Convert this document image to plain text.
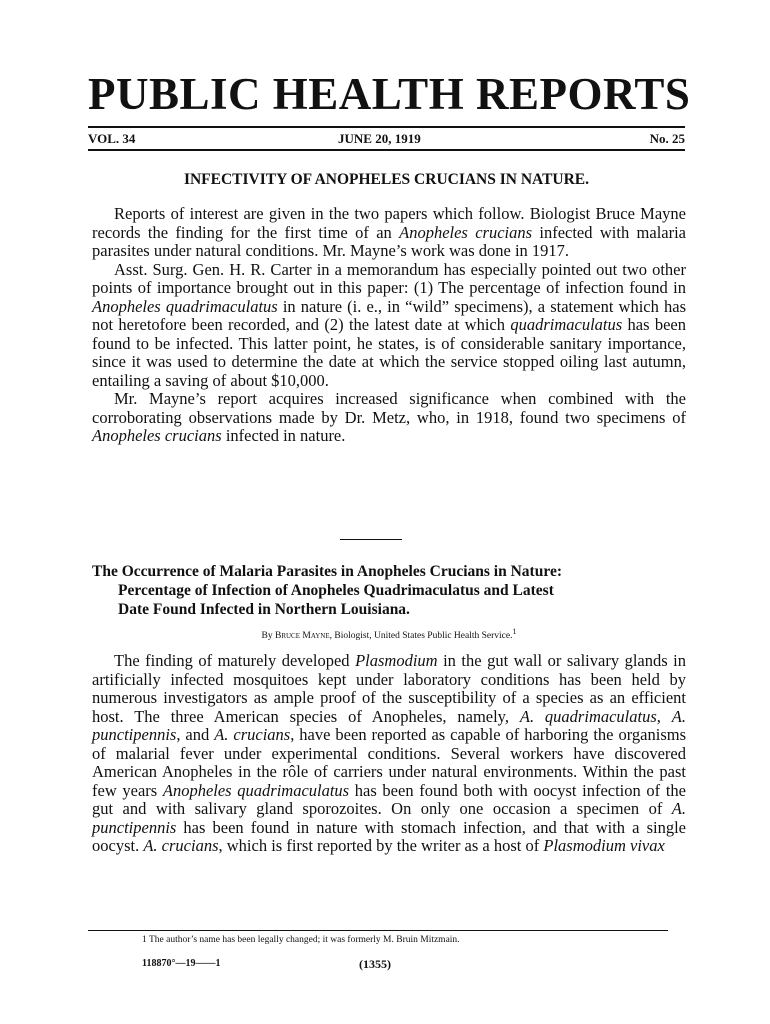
PUBLIC HEALTH REPORTS
VOL. 34	JUNE 20, 1919	No. 25
INFECTIVITY OF ANOPHELES CRUCIANS IN NATURE.

Reports of interest are given in the two papers which follow. Biologist Bruce Mayne records the finding for the first time of an Anopheles crucians infected with malaria parasites under natural conditions. Mr. Mayne’s work was done in 1917.

Asst. Surg. Gen. H. R. Carter in a memorandum has especially pointed out two other points of importance brought out in this paper: (1) The percentage of infection found in Anopheles quadrimaculatus in nature (i. e., in “wild” specimens), a statement which has not heretofore been recorded, and (2) the latest date at which quadrimaculatus has been found to be infected. This latter point, he states, is of considerable sanitary importance, since it was used to determine the date at which the service stopped oiling last autumn, entailing a saving of about $10,000.

Mr. Mayne’s report acquires increased significance when combined with the corroborating observations made by Dr. Metz, who, in 1918, found two specimens of Anopheles crucians infected in nature.

The Occurrence of Malaria Parasites in Anopheles Crucians in Nature:
Percentage of Infection of Anopheles Quadrimaculatus and Latest
Date Found Infected in Northern Louisiana.
By Bruce Mayne, Biologist, United States Public Health Service.$^1$

The finding of maturely developed Plasmodium in the gut wall or salivary glands in artificially infected mosquitoes kept under laboratory conditions has been held by numerous investigators as ample proof of the susceptibility of a species as an efficient host. The three American species of Anopheles, namely, A. quadrimaculatus, A. punctipennis, and A. crucians, have been reported as capable of harboring the organisms of malarial fever under experimental conditions. Several workers have discovered American Anopheles in the rôle of carriers under natural environments. Within the past few years Anopheles quadrimaculatus has been found both with oocyst infection of the gut and with salivary gland sporozoites. On only one occasion a specimen of A. punctipennis has been found in nature with stomach infection, and that with a single oocyst. A. crucians, which is first reported by the writer as a host of Plasmodium vivax

1 The author’s name has been legally changed; it was formerly M. Bruin Mitzmain.
118870°—19——1	(1355)
